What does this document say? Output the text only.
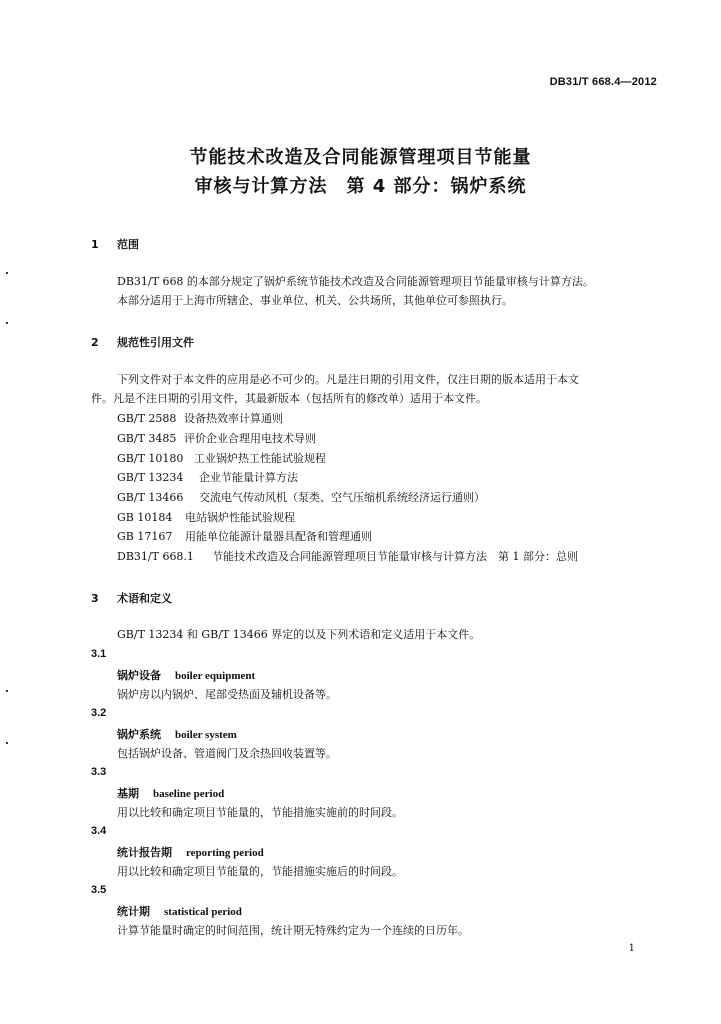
DB31/T 668.4—2012
节能技术改造及合同能源管理项目节能量
审核与计算方法　第 4 部分：锅炉系统
1 范围
DB31/T 668 的本部分规定了锅炉系统节能技术改造及合同能源管理项目节能量审核与计算方法。
本部分适用于上海市所辖企、事业单位、机关、公共场所，其他单位可参照执行。
2 规范性引用文件
下列文件对于本文件的应用是必不可少的。凡是注日期的引用文件，仅注日期的版本适用于本文
件。凡是不注日期的引用文件，其最新版本（包括所有的修改单）适用于本文件。
GB/T 2588 设备热效率计算通则
GB/T 3485 评价企业合理用电技术导则
GB/T 10180 工业锅炉热工性能试验规程
GB/T 13234 企业节能量计算方法
GB/T 13466 交流电气传动风机（泵类、空气压缩机系统经济运行通则）
GB 10184 电站锅炉性能试验规程
GB 17167 用能单位能源计量器具配备和管理通则
DB31/T 668.1 节能技术改造及合同能源管理项目节能量审核与计算方法　第 1 部分：总则
3 术语和定义
GB/T 13234 和 GB/T 13466 界定的以及下列术语和定义适用于本文件。
3.1
锅炉设备 boiler equipment
锅炉房以内锅炉、尾部受热面及辅机设备等。
3.2
锅炉系统 boiler system
包括锅炉设备、管道阀门及余热回收装置等。
3.3
基期 baseline period
用以比较和确定项目节能量的，节能措施实施前的时间段。
3.4
统计报告期 reporting period
用以比较和确定项目节能量的，节能措施实施后的时间段。
3.5
统计期 statistical period
计算节能量时确定的时间范围，统计期无特殊约定为一个连续的日历年。
1
